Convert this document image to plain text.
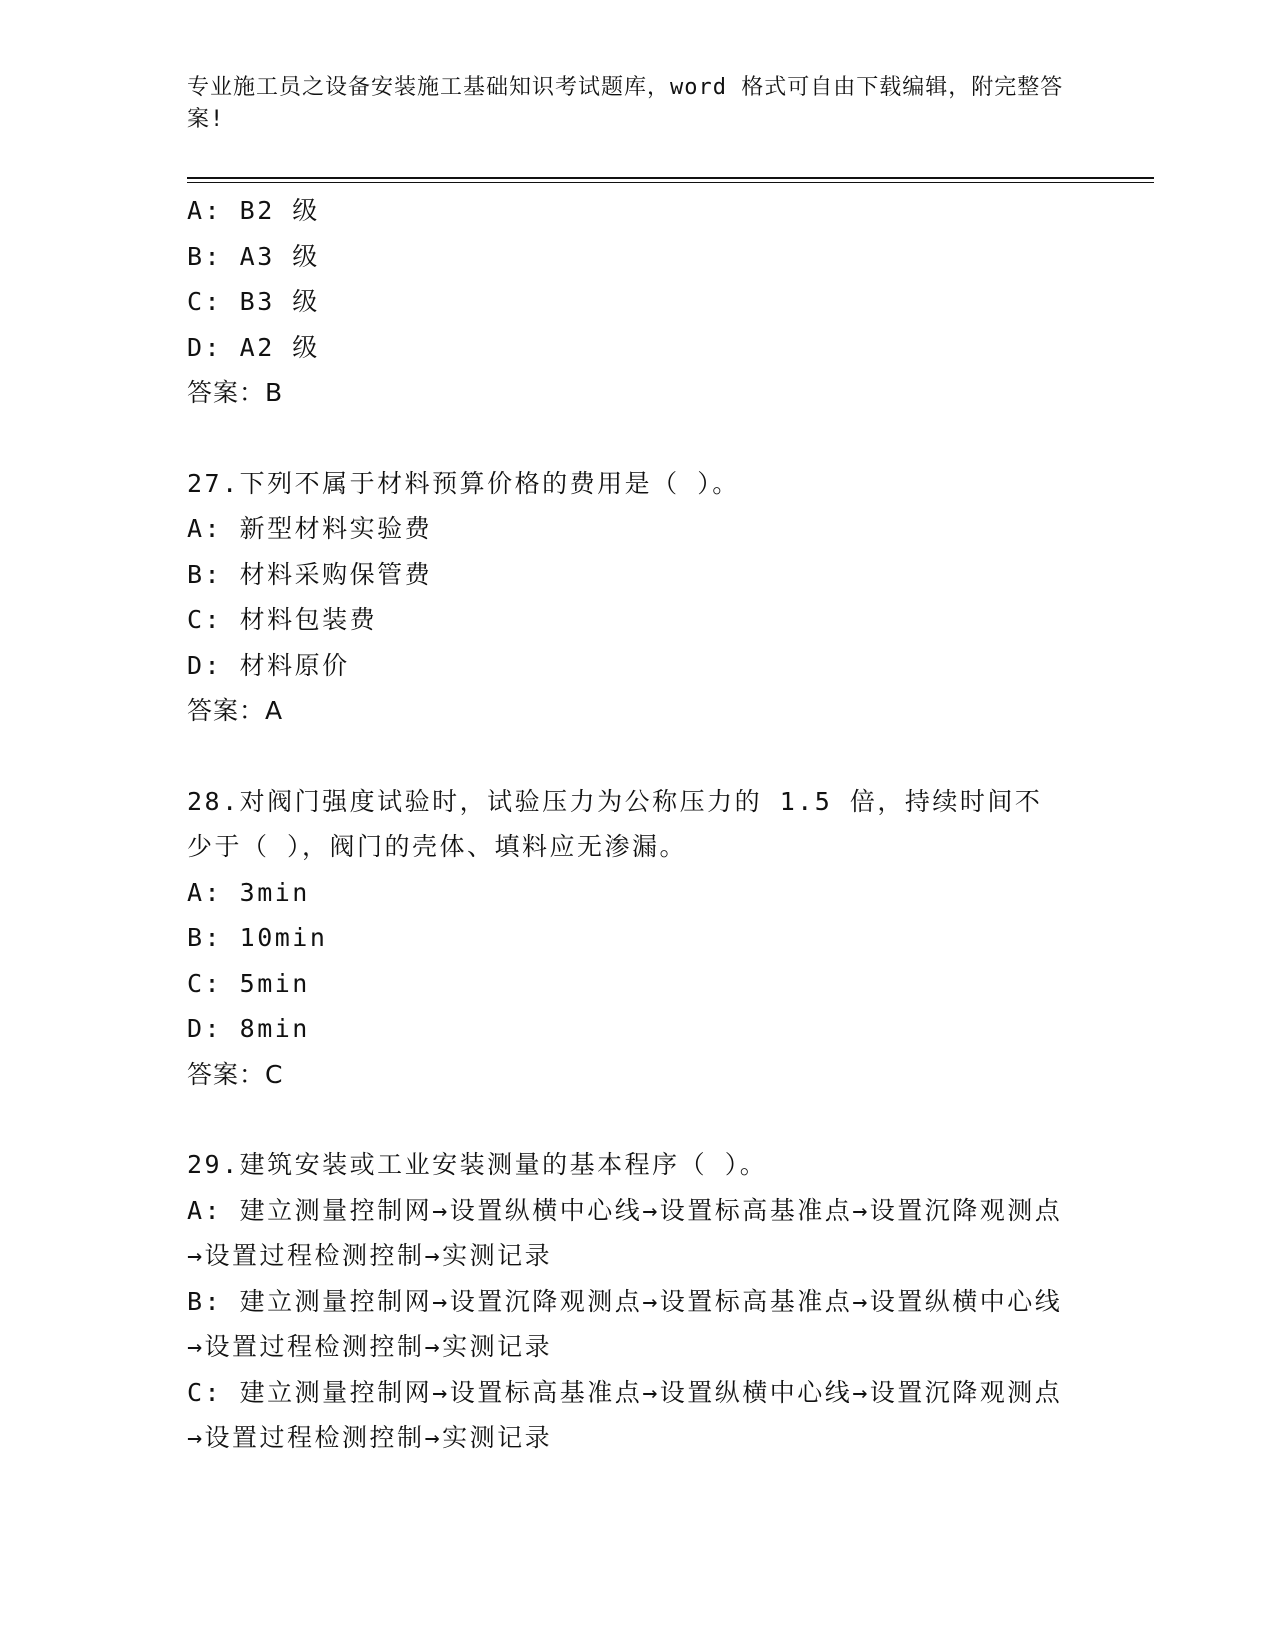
专业施工员之设备安装施工基础知识考试题库，word 格式可自由下载编辑，附完整答案!
A: B2 级
B: A3 级
C: B3 级
D: A2 级
答案：B
27.下列不属于材料预算价格的费用是（ ）。
A: 新型材料实验费
B: 材料采购保管费
C: 材料包装费
D: 材料原价
答案：A
28.对阀门强度试验时，试验压力为公称压力的 1.5 倍，持续时间不少于（ ），阀门的壳体、填料应无渗漏。
A: 3min
B: 10min
C: 5min
D: 8min
答案：C
29.建筑安装或工业安装测量的基本程序（ ）。
A: 建立测量控制网→设置纵横中心线→设置标高基准点→设置沉降观测点→设置过程检测控制→实测记录
B: 建立测量控制网→设置沉降观测点→设置标高基准点→设置纵横中心线→设置过程检测控制→实测记录
C: 建立测量控制网→设置标高基准点→设置纵横中心线→设置沉降观测点→设置过程检测控制→实测记录
